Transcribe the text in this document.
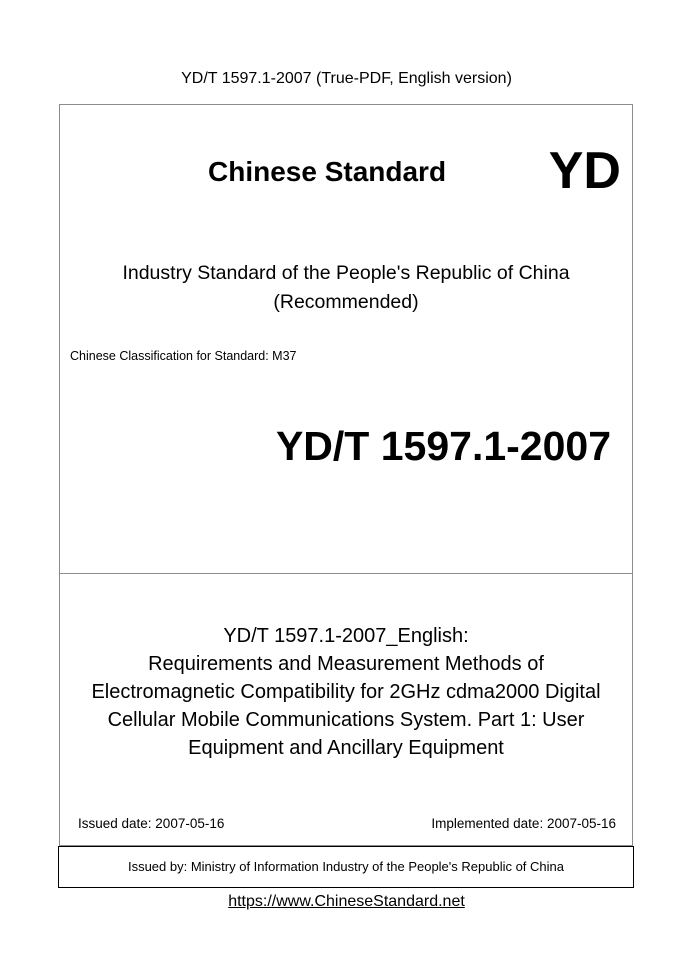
YD/T 1597.1-2007 (True-PDF, English version)
Chinese Standard YD
Industry Standard of the People's Republic of China
(Recommended)
Chinese Classification for Standard: M37
YD/T 1597.1-2007
YD/T 1597.1-2007_English:
Requirements and Measurement Methods of
Electromagnetic Compatibility for 2GHz cdma2000 Digital
Cellular Mobile Communications System. Part 1: User
Equipment and Ancillary Equipment
Issued date: 2007-05-16	Implemented date: 2007-05-16
Issued by: Ministry of Information Industry of the People's Republic of China
https://www.ChineseStandard.net
